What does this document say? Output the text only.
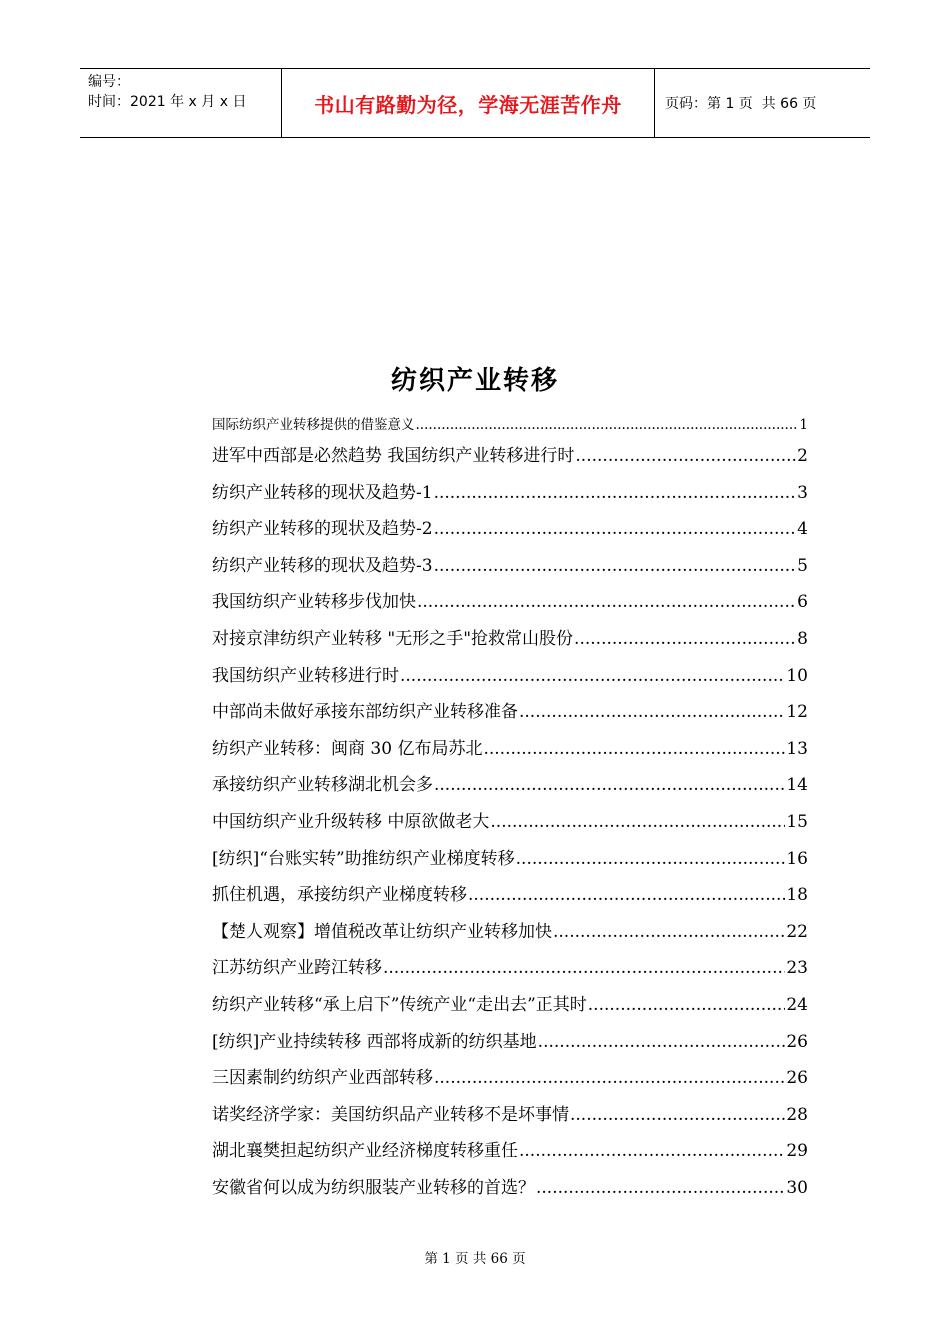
编号：
时间：2021 年 x 月 x 日	书山有路勤为径，学海无涯苦作舟	页码：第 1 页  共 66 页
纺织产业转移
国际纺织产业转移提供的借鉴意义 .....	1
进军中西部是必然趋势 我国纺织产业转移进行时 .....	2
纺织产业转移的现状及趋势-1 .....	3
纺织产业转移的现状及趋势-2 .....	4
纺织产业转移的现状及趋势-3 .....	5
我国纺织产业转移步伐加快 .....	6
对接京津纺织产业转移 "无形之手"抢救常山股份 .....	8
我国纺织产业转移进行时 .....	10
中部尚未做好承接东部纺织产业转移准备 .....	12
纺织产业转移：闽商 30 亿布局苏北 .....	13
承接纺织产业转移湖北机会多 .....	14
中国纺织产业升级转移 中原欲做老大 .....	15
[纺织]“台账实转”助推纺织产业梯度转移 .....	16
抓住机遇，承接纺织产业梯度转移 .....	18
【楚人观察】增值税改革让纺织产业转移加快 .....	22
江苏纺织产业跨江转移 .....	23
纺织产业转移“承上启下”传统产业“走出去”正其时 .....	24
[纺织]产业持续转移 西部将成新的纺织基地 .....	26
三因素制约纺织产业西部转移 .....	26
诺奖经济学家：美国纺织品产业转移不是坏事情 .....	28
湖北襄樊担起纺织产业经济梯度转移重任 .....	29
安徽省何以成为纺织服装产业转移的首选？ .....	30
第 1 页 共 66 页
